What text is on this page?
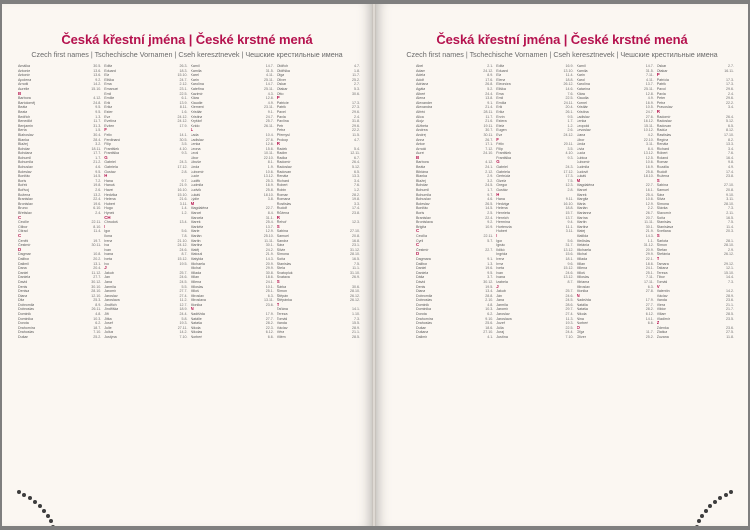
Česká křestní jména | České krstné mená
Czech first names | Tschechische Vornamen | Cseh keresztnevek | Чешские крестильные имена
Amálka	30.5.
Antonie	13.6.
Antonín	13.6.
Apolena	9.2.
Arnošt	14.2.
Aurelie	15.10.
B
Barbora	4.12.
Bartoloměj	24.8.
Beáta	9.5.
Beata	9.5.
Bedřich	1.3.
Benedikt	11.7.
Benjamin	31.3.
Berta	1.5.
Blahoslav	30.4.
Blanka	28.4.
Blažej	3.2.
Bohdan	18.11.
Bohdana	17.7.
Bohumil	1.7.
Bohumila	21.2.
Bohuslav	4.6.
Boleslav	9.5.
Bonifác	14.5.
Boris	7.2.
Bořek	19.8.
Bořivoj	2.6.
Božena	13.2.
Branislav	22.4.
Bronislav	19.6.
Bruno	6.10.
Břetislav	2.4.
C
Cecílie	22.11.
Ctibor	8.10.
Ctirad	11.4.
Č
Čeněk	19.7.
Čestmír	30.11.
D
Dagmar	10.8.
Dalibor	20.2.
Dalimil	13.1.
Dana	20.4.
Daniel	11.12.
Daniela	27.7.
David	30.12.
Denis	30.10.
Denisa	28.10.
Diana	12.10.
Dita	25.3.
Dobromila	8.9.
Dobroslav	26.11.
Dominik	4.8.
Dominika	10.3.
Dorota	6.2.
Drahomíra	18.7.
Drahoslav	7.10.
Dušan	25.2.
Edita	26.3.
Eduard	18.3.
Ela	15.10.
Eliška	24.7.
Ema	2.12.
Emanuel	23.1.
Emil	22.5.
Emílie	6.1.
Erik	13.9.
Erika	8.11.
Ester	1.6.
Eva	24.12.
Evelína	24.12.
Evžen	17.9.
F
Felix	14.1.
Ferdinand	30.5.
Filip	3.5.
František	4.10.
Františka	9.3.
G
Gabriel	24.3.
Gabriela	17.12.
Gustav	2.8.
H
Hana	9.7.
Hanuš	21.9.
Havel	16.10.
Hedvika	15.10.
Helena	21.6.
Hubert	3.11.
Hugo	1.4.
Hynek	1.2.
CH
Chrudoš	13.4.
I
Igor	5.6.
Ilona	7.8.
Irena	21.10.
Iva	24.12.
Ivan	24.6.
Ivana	8.7.
Iveta	15.12.
Ivo	19.5.
J
Jakub	25.7.
Jan	24.6.
Jana	24.5.
Jarmila	5.5.
Jaromír	27.7.
Jaroslav	27.4.
Jaroslava	11.2.
Jindřich	12.7.
Jindřiška	18.9.
Jiří	24.4.
Jitka	5.8.
Josef	19.3.
Julie	27.11.
Julius	14.2.
Justýna	7.10.
Kamil	14.7.
Kamila	31.5.
Karel	4.11.
Karin	25.11.
Karolína	14.7.
Kateřina	25.11.
Kazimír	4.3.
Klára	12.8.
Klaudie	4.9.
Klement	23.11.
Kristián	9.1.
Kristina	24.7.
Kryštof	25.7.
Kvido	26.11.
L
Lada	10.4.
Ladislav	27.6.
Lenka	12.6.
Leona	15.6.
Leoš	10.11.
Libor	22.10.
Libuše	8.1.
Linda	1.9.
Lubomír	10.6.
Lucie	13.12.
Luděk	25.3.
Ludmila	16.9.
Ludvík	25.8.
Lukáš	18.10.
Lýdie	3.8.
M
Magdaléna	22.7.
Marcel	8.4.
Marcela	31.1.
Marek	25.4.
Markéta	13.7.
Marie	12.9.
Marián	25.10.
Martin	11.11.
Martina	30.1.
Matěj	24.2.
Matouš	21.9.
Matylda	14.3.
Michaela	20.9.
Michal	29.9.
Milada	30.8.
Milan	18.6.
Milena	24.1.
Miloslav	10.1.
Miloš	25.1.
Miroslav	6.3.
Miroslava	13.11.
Monika	23.6.
N
Naděžda	17.9.
Natálie	27.7.
Nataša	28.2.
Nikola	22.3.
Nikolas	6.12.
Norbert	6.6.
Oldřich	4.7.
Oldřiška	1.8.
Olga	11.7.
Oliver	25.2.
Oskar	2.7.
Otakar	5.3.
Otto	30.6.
P
Patricie	17.3.
Patrik	27.3.
Pavel	29.6.
Pavla	2.4.
Pavlína	31.8.
Petr	29.6.
Petra	22.2.
Přemysl	11.5.
Prokop	4.7.
R
Radek	5.4.
Radim	12.11.
Radka	6.7.
Radomír	26.4.
Radoslav	5.12.
Radovan	6.5.
Renáta	13.3.
Richard	3.4.
Robert	7.6.
Robin	1.2.
Roman	28.2.
Romana	19.8.
Rostislav	3.3.
Rudolf	17.4.
Růžena	23.8.
Ř
Řehoř	12.3.
S
Sabina	27.10.
Samuel	20.8.
Sandra	16.8.
Sára	23.1.
Silvie	31.12.
Simona	28.10.
Soňa	16.5.
Stanislav	7.5.
Stela	11.1.
Svatopluk	31.10.
Svatava	26.9.
Š
Šárka	30.6.
Šimon	28.10.
Štěpán	26.12.
Štěpánka	26.12.
T
Taťána	14.1.
Tereza	1.10.
Tomáš	7.3.
Vanda	15.5.
Václav	28.9.
Věra	21.1.
Vilém	28.5.
Česká křestní jména | České krstné mená
Czech first names | Tschechische Vornamen | Cseh keresztnevek | Чешские крестильные имена
Abel	2.1.
Adam	24.12.
Adela	8.9.
Adolf	17.6.
Adriana	26.8.
Agáta	5.2.
Albert	24.4.
Alena	13.8.
Alexander	9.1.
Alexandra	21.4.
Alfréd	28.11.
Alica	11.7.
Alojz	21.6.
Alžbeta	19.11.
Andrea	30.7.
Andrej	30.11.
Anna	26.7.
Anton	17.1.
Arnold	7.12.
Aurel	24.10.
B
Barbora	4.12.
Beáta	24.1.
Bibiána	2.12.
Blanka	2.9.
Blažej	3.2.
Bohdan	24.5.
Bohumil	1.7.
Bohumila	9.7.
Bohuslav	4.6.
Boleslav	26.5.
Bonifác	14.5.
Boris	2.5.
Branislav	22.4.
Bronislava	9.2.
Brigita	10.9.
C
Cecília	22.11.
Cyril	5.7.
Č
Čestmír	22.7.
D
Dagmara	9.1.
Dalibor	1.3.
Daniel	19.6.
Daniela	9.5.
Dáša	3.7.
Dávid	30.12.
Denis	19.5.
Diana	13.4.
Dobromila	28.8.
Dobroslav	2.10.
Dominik	4.8.
Dominika	10.3.
Dorota	6.2.
Drahomíra	9.10.
Drahoslav	25.6.
Dušan	18.6.
Dušana	27.10.
Dalimír	4.1.
Edita	16.9.
Eduard	13.10.
Ela	11.4.
Elena	18.8.
Eleonóra	26.12.
Eliška	14.6.
Ema	7.6.
Emil	22.5.
Emília	24.11.
Erik	20.4.
Erika	26.1.
Ervín	9.5.
Estera	1.7.
Etela	1.2.
Eugen	2.6.
Eva	24.12.
F
Félix	20.11.
Filip	3.5.
František	4.10.
Františka	9.3.
G
Gabriel	24.3.
Gabriela	17.12.
Gertrúda	17.3.
Gizela	7.5.
Gregor	12.3.
Gustáv	2.8.
H
Hana	9.11.
Hedviga	16.10.
Helena	18.8.
Henrieta	15.7.
Henrich	13.7.
Hermína	9.4.
Hortenzia	11.1.
Hubert	3.11.
I
Igor	5.6.
Ignác	31.7.
Ildikó	13.12.
Ingrida	15.6.
Irena	18.1.
Irma	9.6.
Iveta	15.12.
Ivan	24.6.
Ivana	13.12.
Izabela	8.7.
J
Jakub	25.7.
Ján	24.6.
Jana	24.5.
Jarmila	28.6.
Jaromír	29.7.
Jaroslav	27.4.
Jaroslava	11.3.
Jozef	19.3.
Júlia	22.5.
Juraj	24.4.
Justína	7.10.
Kamil	14.7.
Kamila	31.5.
Karin	7.11.
Karol	4.11.
Karolína	13.7.
Katarína	25.11.
Klára	12.8.
Klaudia	4.9.
Kornel	16.9.
Kristián	10.5.
Kristína	24.7.
Ladislav	27.6.
Lenka	16.12.
Leopold	15.11.
Levoslav	10.12.
Liana	4.2.
Libor	22.10.
Linda	3.11.
Lívia	8.4.
Lucia	13.12.
Ľubica	12.5.
Ľubomír	10.6.
Ľudmila	16.9.
Ľudovít	25.8.
Lukáš	18.10.
M
Magdaléna	22.7.
Marcel	16.1.
Marek	25.4.
Margita	10.6.
Mária	12.9.
Marián	2.2.
Marianna	26.7.
Marína	20.7.
Martin	11.11.
Martina	30.1.
Matej	21.9.
Matilda	14.3.
Mečislav	1.1.
Melánia	31.12.
Michaela	20.9.
Michal	29.9.
Milada	22.1.
Milan	18.6.
Milena	24.1.
Miloš	25.1.
Miloslav	7.11.
Miriama	17.11.
Miroslav	6.3.
Monika	27.8.
N
Nadežda	17.9.
Natália	27.7.
Nataša	28.2.
Nikola	6.12.
Nina	14.1.
Norbert	6.6.
O
Oľga	11.7.
Oliver	25.2.
Oskar	2.7.
Otakar	16.11.
P
Patrícia	17.3.
Patrik	17.3.
Pavol	29.6.
Pavla	2.4.
Peter	29.6.
Petra	22.2.
Pravoslav	3.4.
R
Radomír	26.4.
Radoslav	5.12.
Radovan	6.5.
Radúz	8.12.
Rastislav	17.10.
Regína	8.2.
Renáta	13.3.
Richard	3.4.
Róbert	7.6.
Roland	16.4.
Roman	9.8.
Rozália	4.9.
Rudolf	17.4.
Ružena	23.8.
S
Sabína	27.10.
Samuel	20.8.
Sára	9.10.
Silvia	3.11.
Simona	28.10.
Slávka	7.3.
Slavomír	2.11.
Soňa	16.5.
Stanislav	7.5.
Stanislava	11.4.
Svetlana	20.3.
Š
Šarlota	28.1.
Šimon	28.10.
Štefan	2.9.
Štefánia	26.12.
T
Tamara	29.12.
Tatiana	12.1.
Tereza	15.10.
Tibor	14.4.
Tomáš	7.3.
V
Valentín	14.2.
Václav	28.9.
Vanda	23.6.
Viera	21.1.
Viktor	21.7.
Viliam	28.5.
Vladimír	23.5.
Z
Zdenka	23.6.
Zlatica	27.5.
Zuzana	11.8.
